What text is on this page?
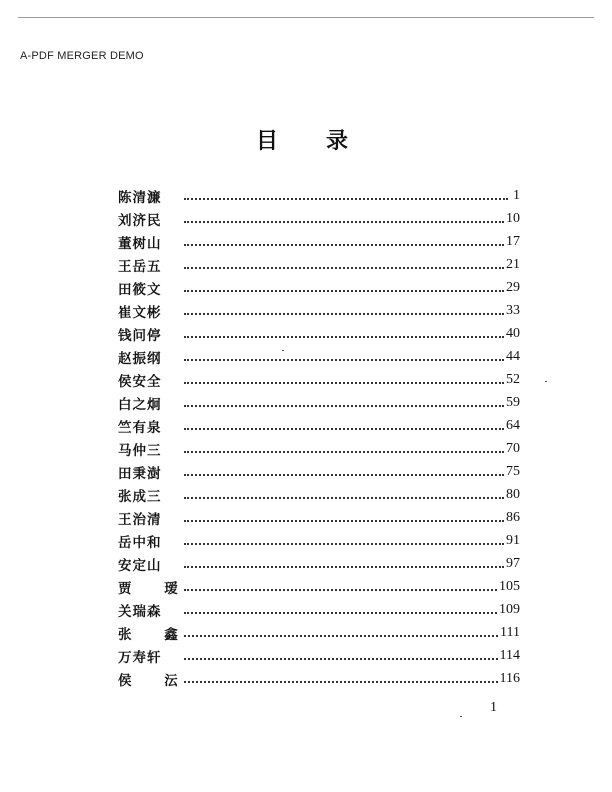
A-PDF MERGER DEMO
目录
陈清濂	1
刘济民	10
董树山	17
王岳五	21
田筱文	29
崔文彬	33
钱问停	40
赵振纲	44
侯安全	52
白之炯	59
竺有泉	64
马仲三	70
田秉澍	75
张成三	80
王治清	86
岳中和	91
安定山	97
贾 瑷	105
关瑞森	109
张 鑫	111
万寿轩	114
侯 沄	116
1
